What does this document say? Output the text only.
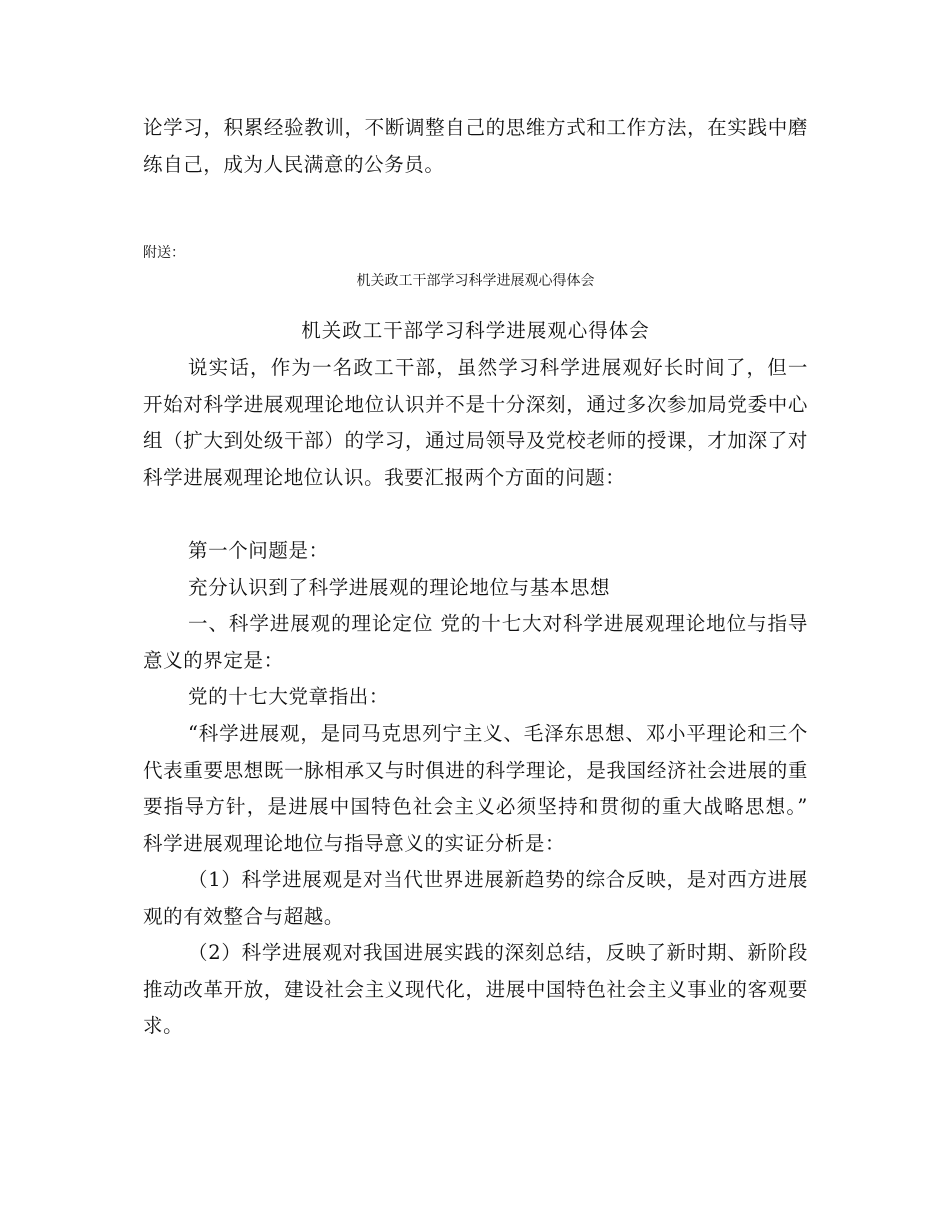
论学习，积累经验教训，不断调整自己的思维方式和工作方法，在实践中磨练自己，成为人民满意的公务员。

附送：

机关政工干部学习科学进展观心得体会

机关政工干部学习科学进展观心得体会

说实话，作为一名政工干部，虽然学习科学进展观好长时间了，但一开始对科学进展观理论地位认识并不是十分深刻，通过多次参加局党委中心组（扩大到处级干部）的学习，通过局领导及党校老师的授课，才加深了对科学进展观理论地位认识。我要汇报两个方面的问题：

第一个问题是：

充分认识到了科学进展观的理论地位与基本思想

一、科学进展观的理论定位 党的十七大对科学进展观理论地位与指导意义的界定是：

党的十七大党章指出：

“科学进展观，是同马克思列宁主义、毛泽东思想、邓小平理论和三个代表重要思想既一脉相承又与时俱进的科学理论，是我国经济社会进展的重要指导方针，是进展中国特色社会主义必须坚持和贯彻的重大战略思想。” 科学进展观理论地位与指导意义的实证分析是：

（1）科学进展观是对当代世界进展新趋势的综合反映，是对西方进展观的有效整合与超越。

（2）科学进展观对我国进展实践的深刻总结，反映了新时期、新阶段推动改革开放，建设社会主义现代化，进展中国特色社会主义事业的客观要求。
